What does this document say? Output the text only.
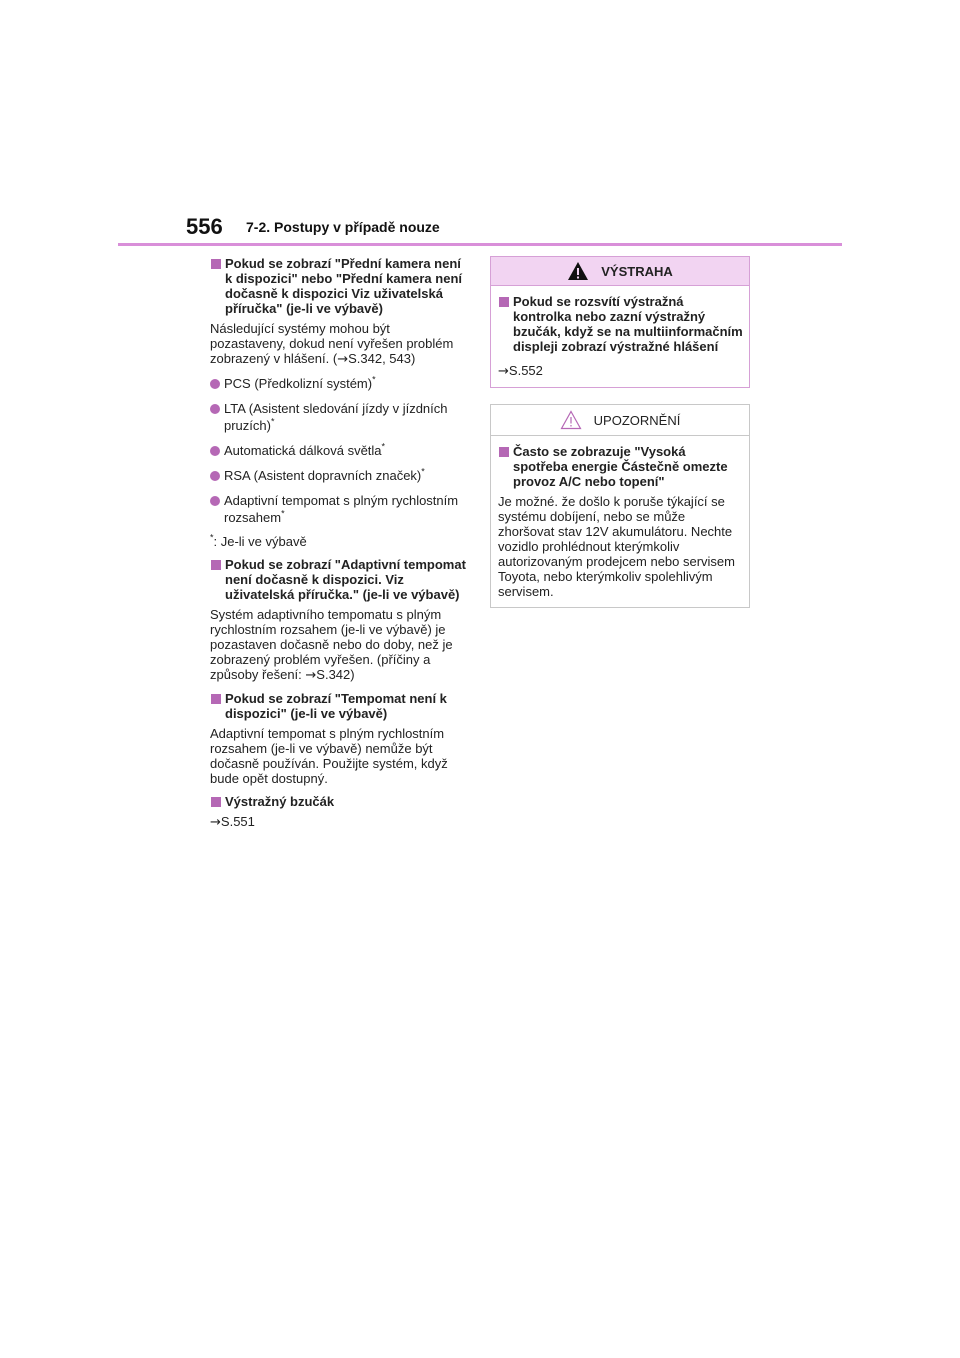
556 7-2. Postupy v případě nouze
Pokud se zobrazí "Přední kamera není k dispozici" nebo "Přední kamera není dočasně k dispozici Viz uživatelská příručka" (je-li ve výbavě)

Následující systémy mohou být pozastaveny, dokud není vyřešen problém zobrazený v hlášení. (→S.342, 543)

PCS (Předkolizní systém)*
LTA (Asistent sledování jízdy v jízdních pruzích)*
Automatická dálková světla*
RSA (Asistent dopravních značek)*
Adaptivní tempomat s plným rychlostním rozsahem*

*: Je-li ve výbavě

Pokud se zobrazí "Adaptivní tempomat není dočasně k dispozici. Viz uživatelská příručka." (je-li ve výbavě)

Systém adaptivního tempomatu s plným rychlostním rozsahem (je-li ve výbavě) je pozastaven dočasně nebo do doby, než je zobrazený problém vyřešen. (příčiny a způsoby řešení: →S.342)

Pokud se zobrazí "Tempomat není k dispozici" (je-li ve výbavě)

Adaptivní tempomat s plným rychlostním rozsahem (je-li ve výbavě) nemůže být dočasně používán. Použijte systém, když bude opět dostupný.

Výstražný bzučák

→S.551

VÝSTRAHA
Pokud se rozsvítí výstražná kontrolka nebo zazní výstražný bzučák, když se na multiinformačním displeji zobrazí výstražné hlášení

→S.552

UPOZORNĚNÍ
Často se zobrazuje "Vysoká spotřeba energie Částečně omezte provoz A/C nebo topení"

Je možné. že došlo k poruše týkající se systému dobíjení, nebo se může zhoršovat stav 12V akumulátoru. Nechte vozidlo prohlédnout kterýmkoliv autorizovaným prodejcem nebo servisem Toyota, nebo kterýmkoliv spolehlivým servisem.
